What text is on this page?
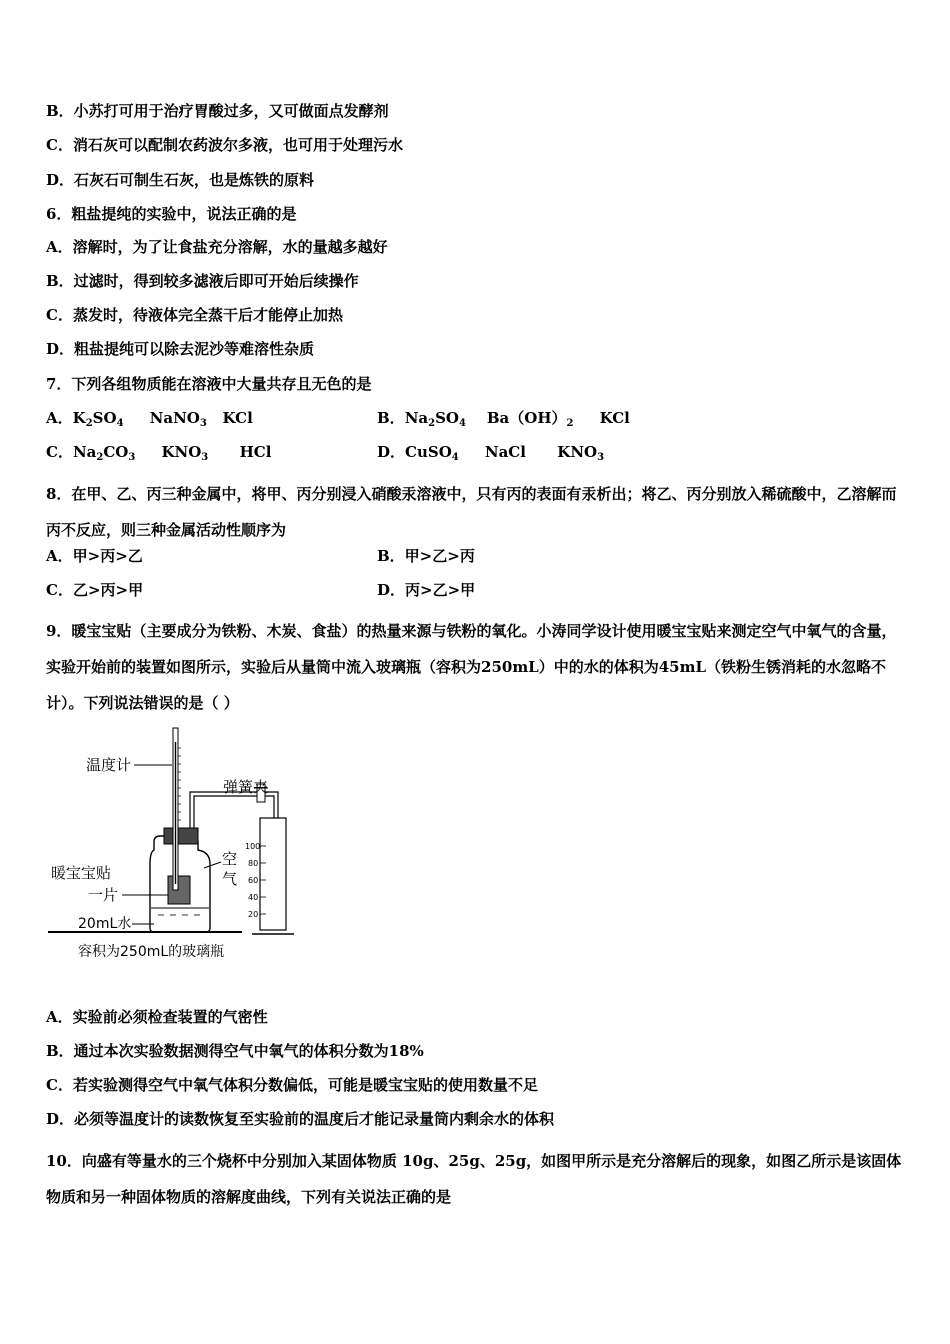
B．小苏打可用于治疗胃酸过多，又可做面点发酵剂
C．消石灰可以配制农药波尔多液，也可用于处理污水
D．石灰石可制生石灰，也是炼铁的原料
6．粗盐提纯的实验中，说法正确的是
A．溶解时，为了让食盐充分溶解，水的量越多越好
B．过滤时，得到较多滤液后即可开始后续操作
C．蒸发时，待液体完全蒸干后才能停止加热
D．粗盐提纯可以除去泥沙等难溶性杂质
7．下列各组物质能在溶液中大量共存且无色的是
A．$K_2SO_4$ NaNO$_3$ KCl	B．$Na_2SO_4$ $Ba(OH)_2$ KCl
C．$Na_2CO_3$ $KNO_3$ HCl	D．CuSO$_4$ NaCl $KNO_3$
8．在甲、乙、丙三种金属中，将甲、丙分别浸入硝酸汞溶液中，只有丙的表面有汞析出；将乙、丙分别放入稀硫酸中，乙溶解而丙不反应，则三种金属活动性顺序为
A．甲>丙>乙	B．甲>乙>丙
C．乙>丙>甲	D．丙>乙>甲
9．暖宝宝贴（主要成分为铁粉、木炭、食盐）的热量来源与铁粉的氧化。小涛同学设计使用暖宝宝贴来测定空气中氧气的含量，实验开始前的装置如图所示，实验后从量筒中流入玻璃瓶（容积为250mL）中的水的体积为45mL（铁粉生锈消耗的水忽略不计）。下列说法错误的是（ ）
100
80
60
40
20
温度计
弹簧夹
暖宝宝贴
一片
空
气
20mL水
容积为250mL的玻璃瓶
A．实验前必须检查装置的气密性
B．通过本次实验数据测得空气中氧气的体积分数为18%
C．若实验测得空气中氧气体积分数偏低，可能是暖宝宝贴的使用数量不足
D．必须等温度计的读数恢复至实验前的温度后才能记录量筒内剩余水的体积
10．向盛有等量水的三个烧杯中分别加入某固体物质 10g、25g、25g，如图甲所示是充分溶解后的现象，如图乙所示是该固体物质和另一种固体物质的溶解度曲线，下列有关说法正确的是
